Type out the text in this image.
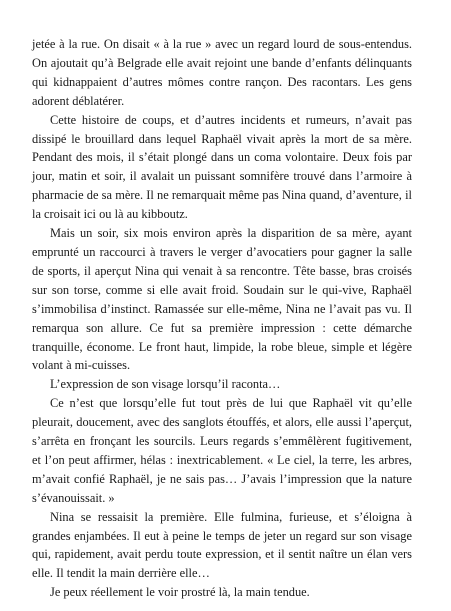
jetée à la rue. On disait « à la rue » avec un regard lourd de sous-entendus. On ajoutait qu’à Belgrade elle avait rejoint une bande d’enfants délinquants qui kidnappaient d’autres mômes contre rançon. Des racontars. Les gens adorent déblatérer.

Cette histoire de coups, et d’autres incidents et rumeurs, n’avait pas dissipé le brouillard dans lequel Raphaël vivait après la mort de sa mère. Pendant des mois, il s’était plongé dans un coma volontaire. Deux fois par jour, matin et soir, il avalait un puissant somnifère trouvé dans l’armoire à pharmacie de sa mère. Il ne remarquait même pas Nina quand, d’aventure, il la croisait ici ou là au kibboutz.

Mais un soir, six mois environ après la disparition de sa mère, ayant emprunté un raccourci à travers le verger d’avocatiers pour gagner la salle de sports, il aperçut Nina qui venait à sa rencontre. Tête basse, bras croisés sur son torse, comme si elle avait froid. Soudain sur le qui-vive, Raphaël s’immobilisa d’instinct. Ramassée sur elle-même, Nina ne l’avait pas vu. Il remarqua son allure. Ce fut sa première impression : cette démarche tranquille, économe. Le front haut, limpide, la robe bleue, simple et légère volant à mi-cuisses.

L’expression de son visage lorsqu’il raconta…

Ce n’est que lorsqu’elle fut tout près de lui que Raphaël vit qu’elle pleurait, doucement, avec des sanglots étouffés, et alors, elle aussi l’aperçut, s’arrêta en fronçant les sourcils. Leurs regards s’emmêlèrent fugitivement, et l’on peut affirmer, hélas : inextricablement. « Le ciel, la terre, les arbres, m’avait confié Raphaël, je ne sais pas… J’avais l’impression que la nature s’évanouissait. »

Nina se ressaisit la première. Elle fulmina, furieuse, et s’éloigna à grandes enjambées. Il eut à peine le temps de jeter un regard sur son visage qui, rapidement, avait perdu toute expression, et il sentit naître un élan vers elle. Il tendit la main derrière elle…

Je peux réellement le voir prostré là, la main tendue.
